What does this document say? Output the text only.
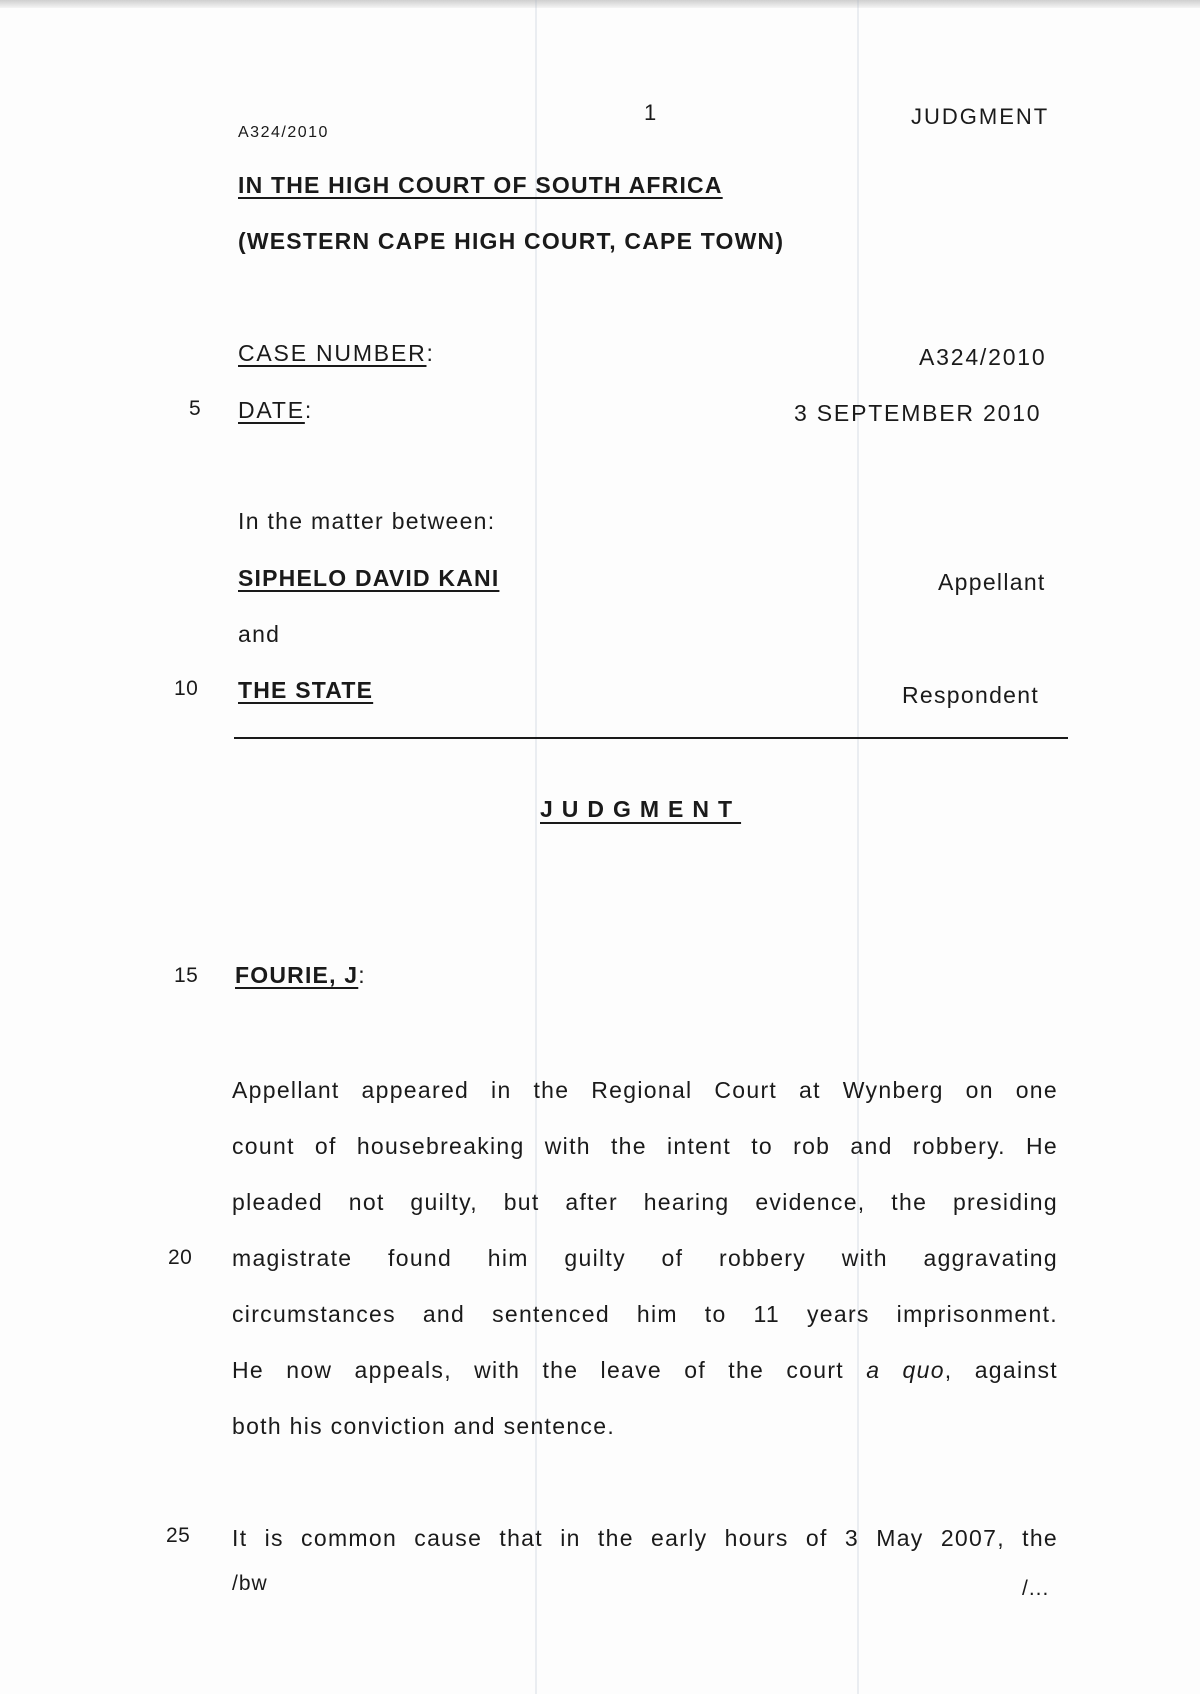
A324/2010
1	JUDGMENT
IN THE HIGH COURT OF SOUTH AFRICA
(WESTERN CAPE HIGH COURT, CAPE TOWN)
CASE NUMBER:	A324/2010
5 DATE:	3 SEPTEMBER 2010
In the matter between:
SIPHELO DAVID KANI	Appellant
and
10 THE STATE	Respondent
JUDGMENT
15 FOURIE, J:
Appellant appeared in the Regional Court at Wynberg on one
count of housebreaking with the intent to rob and robbery. He
pleaded not guilty, but after hearing evidence, the presiding
magistrate found him guilty of robbery with aggravating
circumstances and sentenced him to 11 years imprisonment.
He now appeals, with the leave of the court a quo, against
both his conviction and sentence.
20
25 It is common cause that in the early hours of 3 May 2007, the
/bw	/...
